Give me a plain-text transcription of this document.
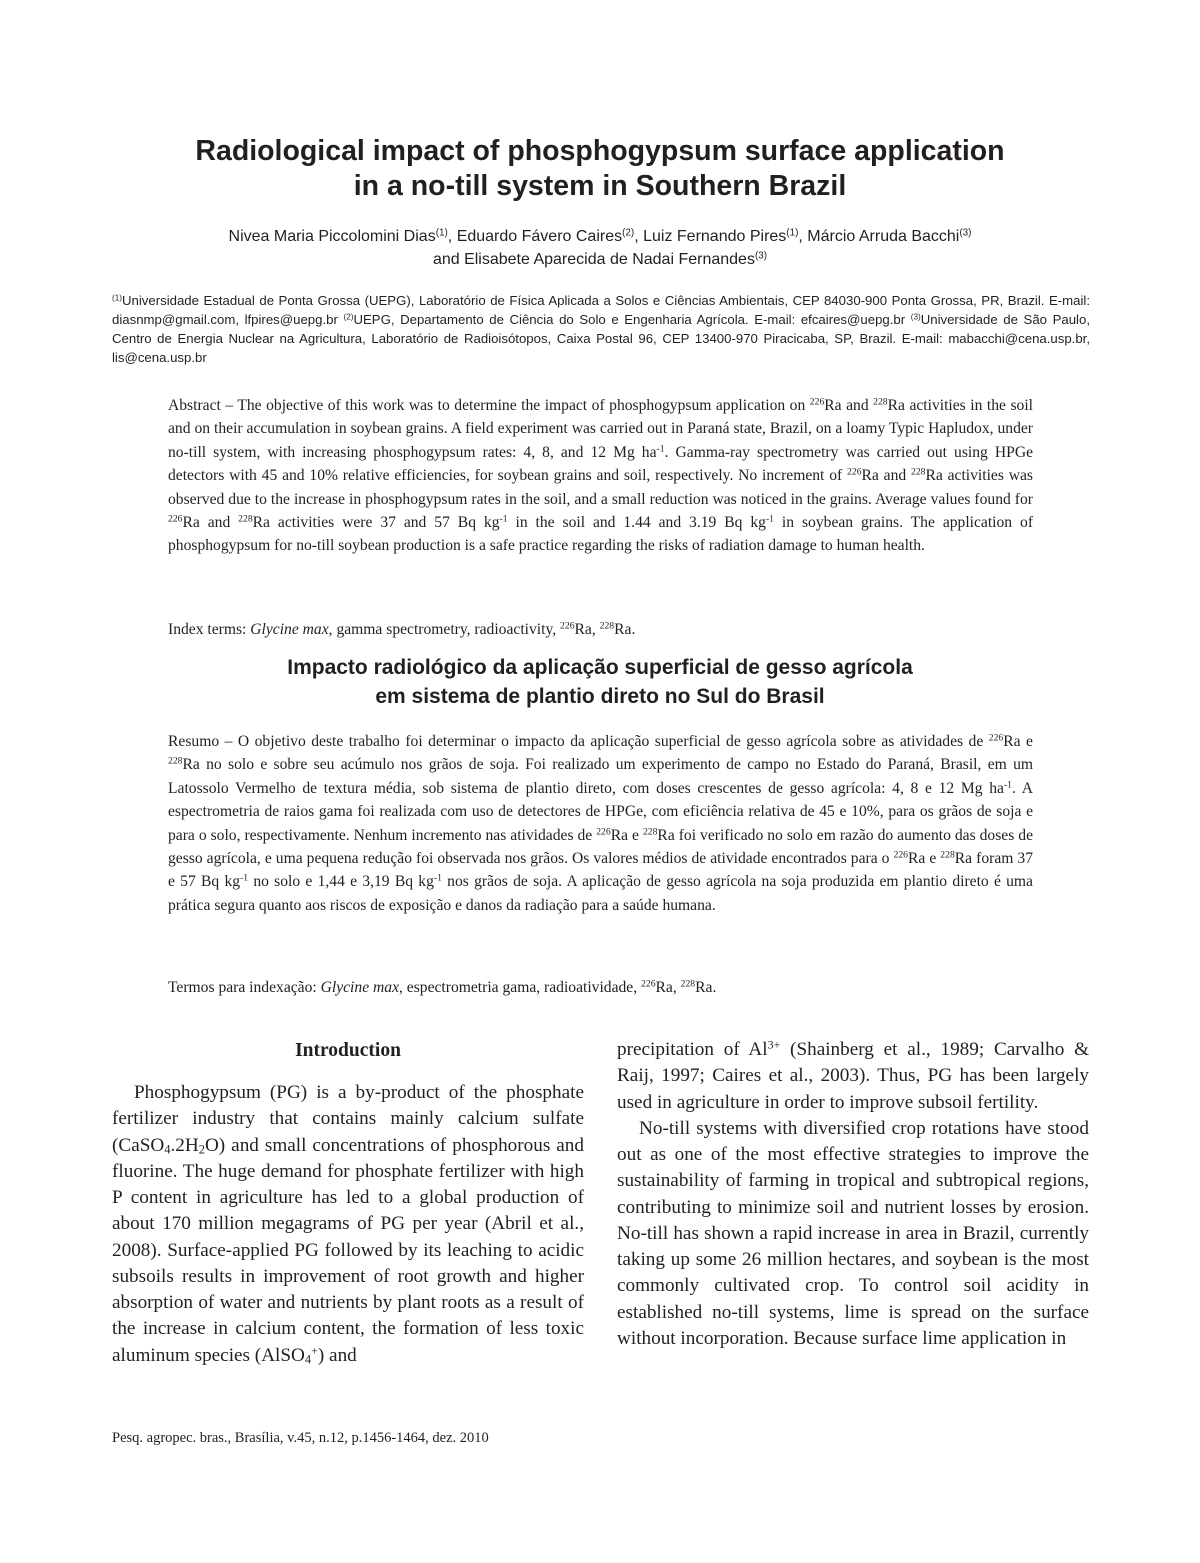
Radiological impact of phosphogypsum surface application
in a no-till system in Southern Brazil
Nivea Maria Piccolomini Dias$^{(1)}$, Eduardo Fávero Caires$^{(2)}$, Luiz Fernando Pires$^{(1)}$, Márcio Arruda Bacchi$^{(3)}$
and Elisabete Aparecida de Nadai Fernandes$^{(3)}$
$^{(1)}$Universidade Estadual de Ponta Grossa (UEPG), Laboratório de Física Aplicada a Solos e Ciências Ambientais, CEP 84030-900 Ponta Grossa, PR, Brazil. E-mail: diasnmp@gmail.com, lfpires@uepg.br $^{(2)}$UEPG, Departamento de Ciência do Solo e Engenharia Agrícola. E-mail: efcaires@uepg.br $^{(3)}$Universidade de São Paulo, Centro de Energia Nuclear na Agricultura, Laboratório de Radioisótopos, Caixa Postal 96, CEP 13400-970 Piracicaba, SP, Brazil. E-mail: mabacchi@cena.usp.br, lis@cena.usp.br
Abstract – The objective of this work was to determine the impact of phosphogypsum application on $^{226}$Ra and $^{228}$Ra activities in the soil and on their accumulation in soybean grains. A field experiment was carried out in Paraná state, Brazil, on a loamy Typic Hapludox, under no-till system, with increasing phosphogypsum rates: 4, 8, and 12 Mg $ha^{-1}$. Gamma-ray spectrometry was carried out using HPGe detectors with 45 and 10% relative efficiencies, for soybean grains and soil, respectively. No increment of $^{226}$Ra and $^{228}$Ra activities was observed due to the increase in phosphogypsum rates in the soil, and a small reduction was noticed in the grains. Average values found for $^{226}$Ra and $^{228}$Ra activities were 37 and 57 Bq $kg^{-1}$ in the soil and 1.44 and 3.19 Bq $kg^{-1}$ in soybean grains. The application of phosphogypsum for no-till soybean production is a safe practice regarding the risks of radiation damage to human health.
Index terms: Glycine max, gamma spectrometry, radioactivity, $^{226}$Ra, $^{228}$Ra.
Impacto radiológico da aplicação superficial de gesso agrícola
em sistema de plantio direto no Sul do Brasil
Resumo – O objetivo deste trabalho foi determinar o impacto da aplicação superficial de gesso agrícola sobre as atividades de $^{226}$Ra e $^{228}$Ra no solo e sobre seu acúmulo nos grãos de soja. Foi realizado um experimento de campo no Estado do Paraná, Brasil, em um Latossolo Vermelho de textura média, sob sistema de plantio direto, com doses crescentes de gesso agrícola: 4, 8 e 12 Mg $ha^{-1}$. A espectrometria de raios gama foi realizada com uso de detectores de HPGe, com eficiência relativa de 45 e 10%, para os grãos de soja e para o solo, respectivamente. Nenhum incremento nas atividades de $^{226}$Ra e $^{228}$Ra foi verificado no solo em razão do aumento das doses de gesso agrícola, e uma pequena redução foi observada nos grãos. Os valores médios de atividade encontrados para o $^{226}$Ra e $^{228}$Ra foram 37 e 57 Bq $kg^{-1}$ no solo e 1,44 e 3,19 Bq $kg^{-1}$ nos grãos de soja. A aplicação de gesso agrícola na soja produzida em plantio direto é uma prática segura quanto aos riscos de exposição e danos da radiação para a saúde humana.
Termos para indexação: Glycine max, espectrometria gama, radioatividade, $^{226}$Ra, $^{228}$Ra.
Introduction

Phosphogypsum (PG) is a by-product of the phosphate fertilizer industry that contains mainly calcium sulfate $(CaSO_4.2H_2O)$ and small concentrations of phosphorous and fluorine. The huge demand for phosphate fertilizer with high P content in agriculture has led to a global production of about 170 million megagrams of PG per year (Abril et al., 2008). Surface-applied PG followed by its leaching to acidic subsoils results in improvement of root growth and higher absorption of water and nutrients by plant roots as a result of the increase in calcium content, the formation of less toxic aluminum species (AlSO$_4$+) and

precipitation of $Al^{3+}$ (Shainberg et al., 1989; Carvalho & Raij, 1997; Caires et al., 2003). Thus, PG has been largely used in agriculture in order to improve subsoil fertility.

No-till systems with diversified crop rotations have stood out as one of the most effective strategies to improve the sustainability of farming in tropical and subtropical regions, contributing to minimize soil and nutrient losses by erosion. No-till has shown a rapid increase in area in Brazil, currently taking up some 26 million hectares, and soybean is the most commonly cultivated crop. To control soil acidity in established no-till systems, lime is spread on the surface without incorporation. Because surface lime application in

Pesq. agropec. bras., Brasília, v.45, n.12, p.1456-1464, dez. 2010
